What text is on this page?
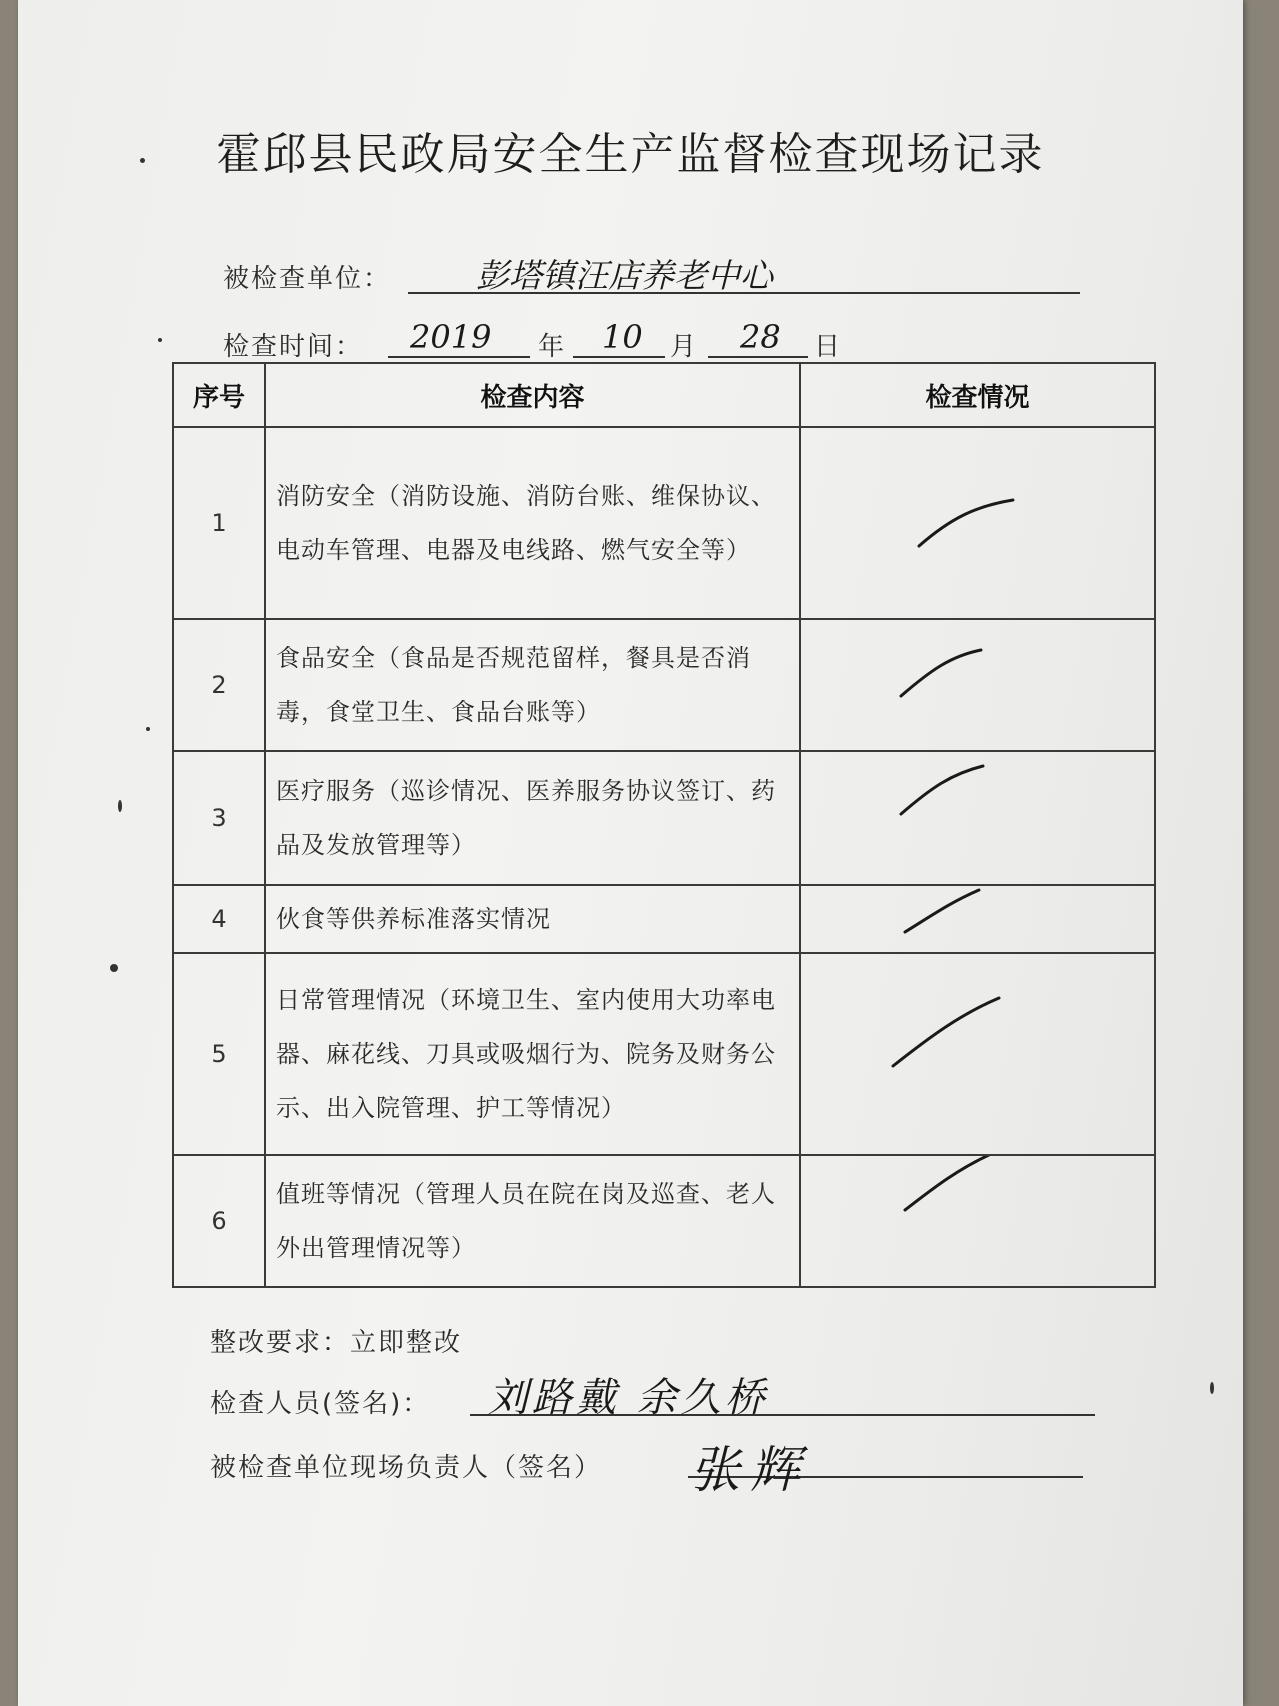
霍邱县民政局安全生产监督检查现场记录
被检查单位：	彭塔镇汪店养老中心
检查时间： 2019 年 10 月 28 日
序号	检查内容	检查情况
1	消防安全（消防设施、消防台账、维保协议、电动车管理、电器及电线路、燃气安全等）	

2	食品安全（食品是否规范留样，餐具是否消毒，食堂卫生、食品台账等）	

3	医疗服务（巡诊情况、医养服务协议签订、药品及发放管理等）	

4	伙食等供养标准落实情况	

5	日常管理情况（环境卫生、室内使用大功率电器、麻花线、刀具或吸烟行为、院务及财务公示、出入院管理、护工等情况）	

6	值班等情况（管理人员在院在岗及巡查、老人外出管理情况等）	
整改要求：立即整改
检查人员(签名)： 刘路戴 余久桥
被检查单位现场负责人（签名） 张辉
